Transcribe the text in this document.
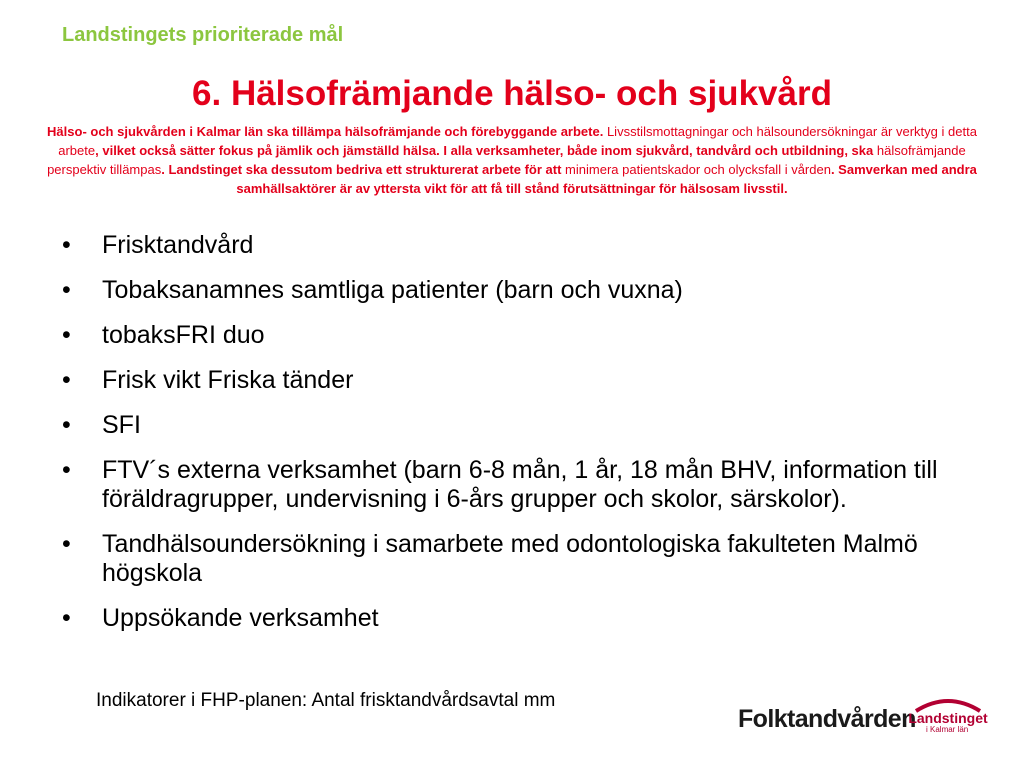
Landstingets prioriterade mål
6. Hälsofrämjande hälso- och sjukvård
Hälso- och sjukvården i Kalmar län ska tillämpa hälsofrämjande och förebyggande arbete. Livsstilsmottagningar och hälsoundersökningar är verktyg i detta arbete, vilket också sätter fokus på jämlik och jämställd hälsa. I alla verksamheter, både inom sjukvård, tandvård och utbildning, ska hälsofrämjande perspektiv tillämpas. Landstinget ska dessutom bedriva ett strukturerat arbete för att minimera patientskador och olycksfall i vården. Samverkan med andra samhällsaktörer är av yttersta vikt för att få till stånd förutsättningar för hälsosam livsstil.
• Frisktandvård
• Tobaksanamnes samtliga patienter (barn och vuxna)
• tobaksFRI duo
• Frisk vikt Friska tänder
• SFI
• FTV´s externa verksamhet (barn 6-8 mån, 1 år, 18 mån BHV, information till föräldragrupper, undervisning i 6-års grupper och skolor, särskolor).
• Tandhälsoundersökning i samarbete med odontologiska fakulteten Malmö högskola
• Uppsökande verksamhet
Indikatorer i FHP-planen: Antal frisktandvårdsavtal mm
Folktandvården
Landstinget
i Kalmar län
